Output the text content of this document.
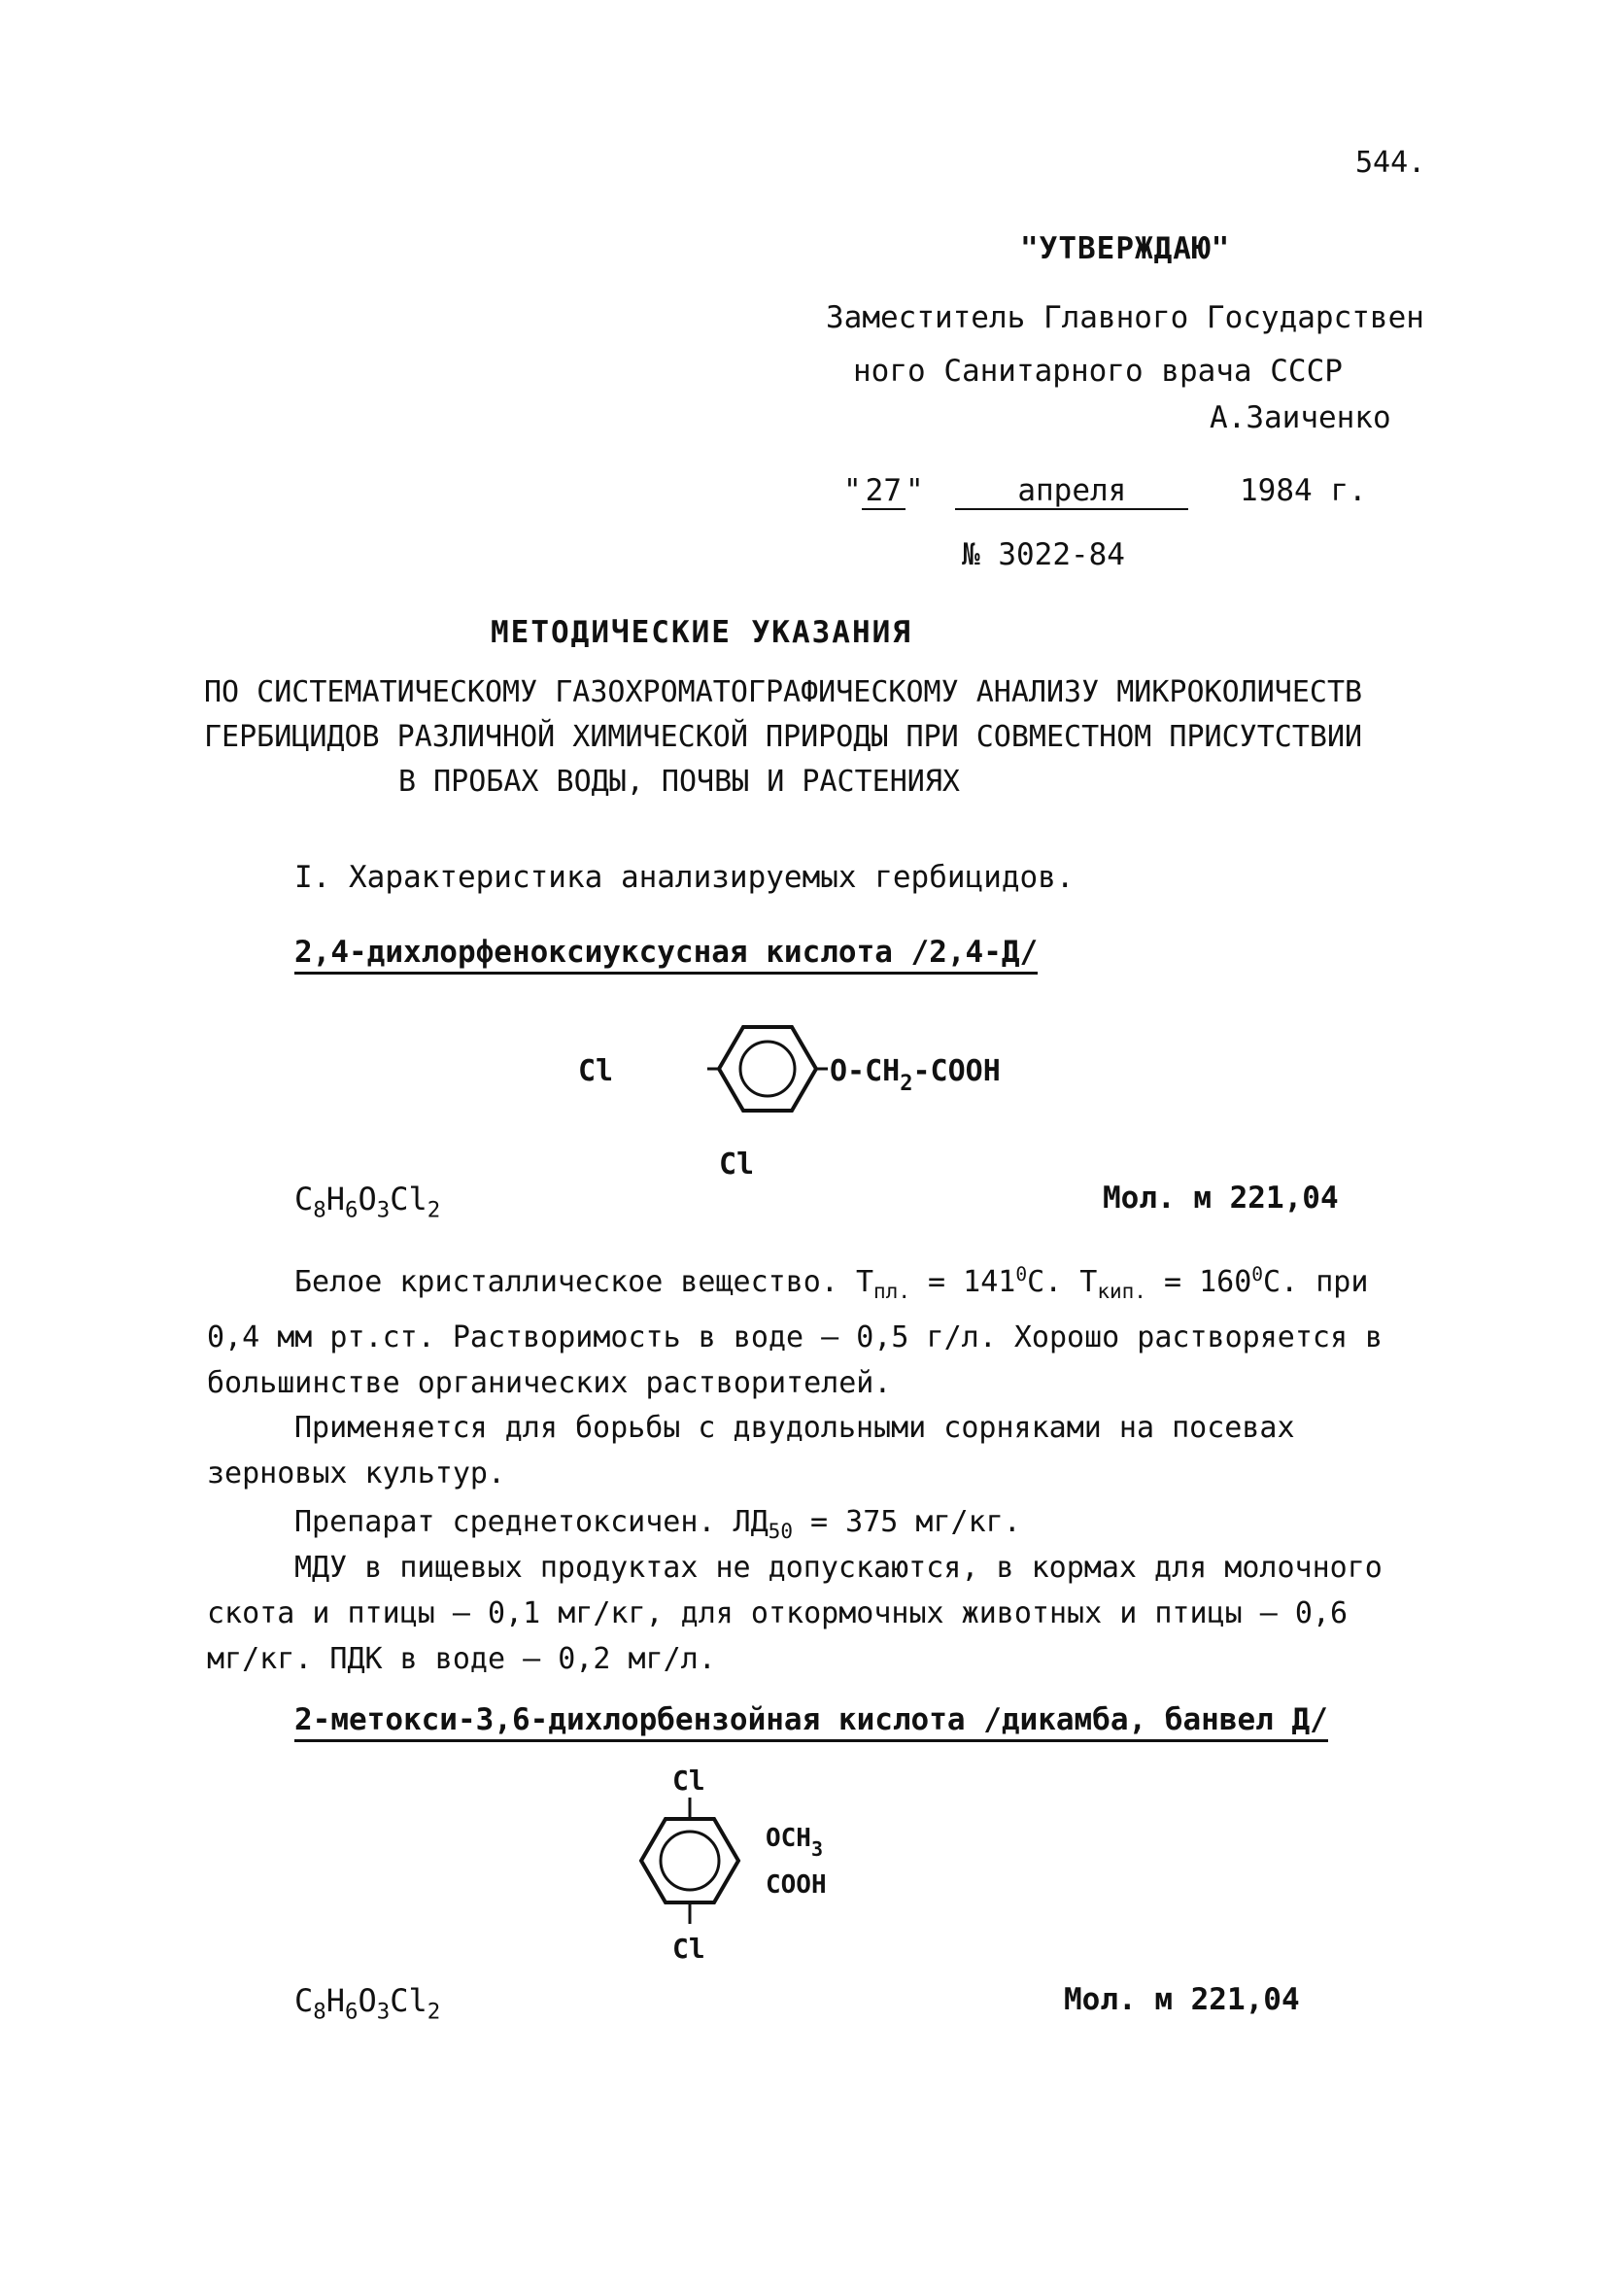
544.
"УТВЕРЖДАЮ"
Заместитель Главного Государствен
ного Санитарного врача СССР
А.Заиченко
" 27 "	апреля	1984 г.
№ 3022-84
МЕТОДИЧЕСКИЕ УКАЗАНИЯ
ПО СИСТЕМАТИЧЕСКОМУ ГАЗОХРОМАТОГРАФИЧЕСКОМУ АНАЛИЗУ МИКРОКОЛИЧЕСТВ
ГЕРБИЦИДОВ РАЗЛИЧНОЙ ХИМИЧЕСКОЙ ПРИРОДЫ ПРИ СОВМЕСТНОМ ПРИСУТСТВИИ
В ПРОБАХ ВОДЫ, ПОЧВЫ И РАСТЕНИЯХ
I. Характеристика анализируемых гербицидов.
2,4-дихлорфеноксиуксусная кислота /2,4-Д/
Cl
Cl
$O-CH_2$-COOH
$C_8H_6O_3Cl_2$	Мол. м 221,04
Белое кристаллическое вещество. $Т_{пл.} = 141^0С$. $Т_{кип.} = 160^0С$. при 0,4 мм рт.ст. Растворимость в воде – 0,5 г/л. Хорошо растворяется в большинстве органических растворителей.
Применяется для борьбы с двудольными сорняками на посевах зерновых культур.
Препарат среднетоксичен. $ЛД_{50} = 375$ мг/кг.
МДУ в пищевых продуктах не допускаются, в кормах для молочного скота и птицы – 0,1 мг/кг, для откормочных животных и птицы – 0,6 мг/кг. ПДК в воде – 0,2 мг/л.
2-метокси-3,6-дихлорбензойная кислота /дикамба, банвел Д/
Cl
Cl
$OCH_3$
COOH
$C_8H_6O_3Cl_2$	Мол. м 221,04
